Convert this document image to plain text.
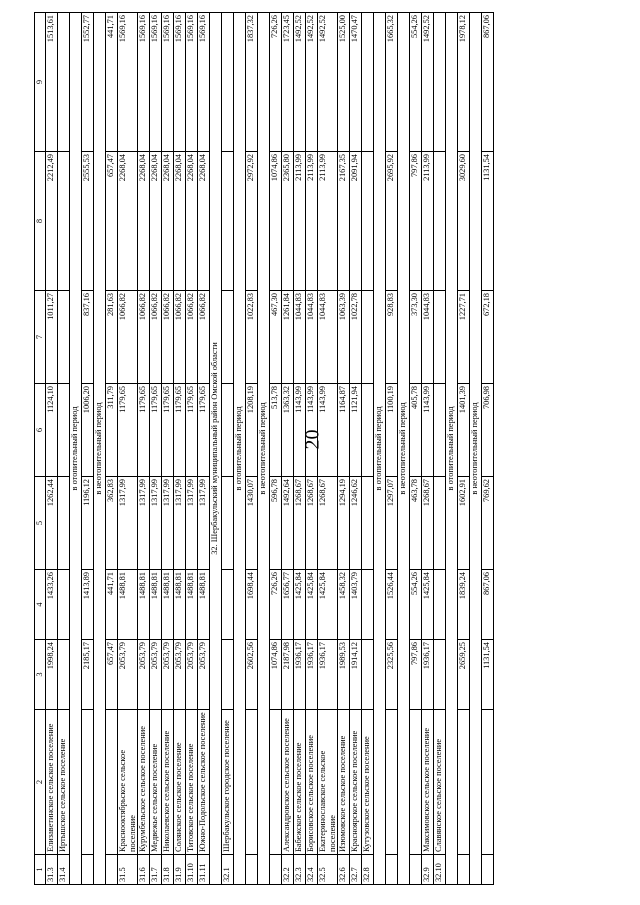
20
1	2	3	4	5	6	7	8	9
31.3	Елизаветинское сельское поселение	1998,24	1433,26	1262,44	1124,10	1011,27	2212,49	1513,61
31.4	Иртышское сельское поселение							
в отопительный период								
		2185,17	1413,89	1196,12	1006,20	837,16	2555,53	1552,77
в неотопительный период								
		657,47	441,71	362,83	311,79	281,63	657,47	441,71
31.5	Красноoктябрьское сельское поселение	2053,79	1488,81	1317,99	1179,65	1066,82	2268,04	1569,16
31.6	Курумбельское сельское поселение	2053,79	1488,81	1317,99	1179,65	1066,82	2268,04	1569,16
31.7	Медвежье сельское поселение	2053,79	1488,81	1317,99	1179,65	1066,82	2268,04	1569,16
31.8	Николаевское сельское поселение	2053,79	1488,81	1317,99	1179,65	1066,82	2268,04	1569,16
31.9	Солянское сельское поселение	2053,79	1488,81	1317,99	1179,65	1066,82	2268,04	1569,16
31.10	Титовское сельское поселение	2053,79	1488,81	1317,99	1179,65	1066,82	2268,04	1569,16
31.11	Южно-Подольское сельское поселение	2053,79	1488,81	1317,99	1179,65	1066,82	2268,04	1569,16
32. Шербакульский муниципальный район Омской области								
32.1	Шербакульское городское поселение							
в отопительный период								
		2602,56	1698,44	1430,07	1208,19	1022,83	2972,92	1837,32
в неотопительный период								
		1074,86	726,26	596,78	513,78	467,30	1074,86	726,26
32.2	Александровское сельское поселение	2187,98	1656,77	1492,64	1363,32	1261,84	2365,80	1723,45
32.3	Бабежское сельское поселение	1936,17	1425,84	1268,67	1143,99	1044,83	2113,99	1492,52
32.4	Борисовское сельское поселение	1936,17	1425,84	1268,67	1143,99	1044,83	2113,99	1492,52
32.5	Екатеринославское сельское поселение	1936,17	1425,84	1268,67	1143,99	1044,83	2113,99	1492,52
32.6	Изюмовское сельское поселение	1989,53	1458,32	1294,19	1164,87	1063,39	2167,35	1525,00
32.7	Красноярское сельское поселение	1914,12	1403,79	1246,62	1121,94	1022,78	2091,94	1470,47
32.8	Кутузовское сельское поселение							
в отопительный период								
		2325,56	1526,44	1297,07	1100,19	928,83	2695,92	1665,32
в неотопительный период								
		797,86	554,26	463,78	405,78	373,30	797,86	554,26
32.9	Максимовское сельское поселение	1936,17	1425,84	1268,67	1143,99	1044,83	2113,99	1492,52
32.10	Славянское сельское поселение							
в отопительный период								
		2659,25	1839,24	1602,91	1401,39	1227,71	3029,60	1978,12
в неотопительный период								
		1131,54	867,06	769,62	706,98	672,18	1131,54	867,06
